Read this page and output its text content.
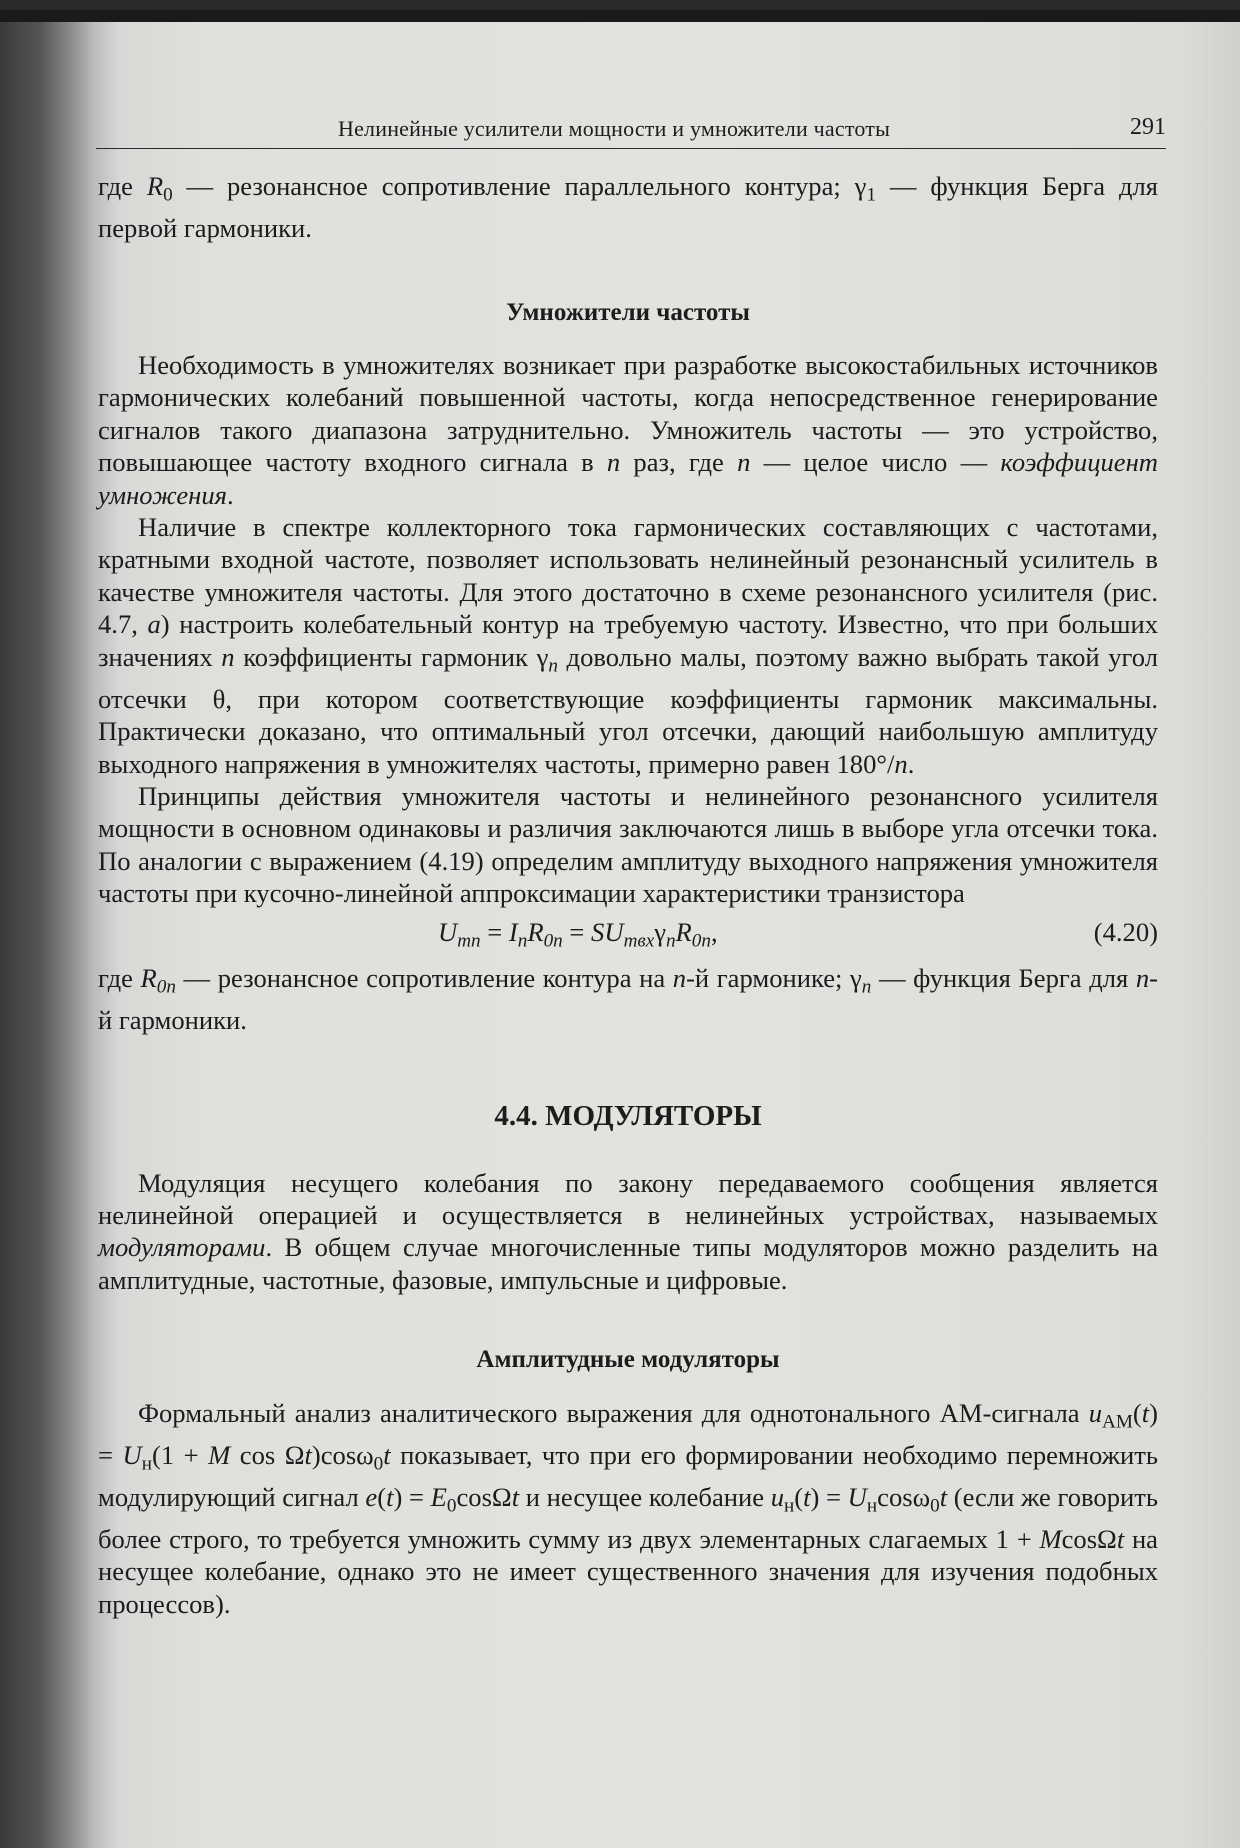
Нелинейные усилители мощности и умножители частоты	291

где $R_0$ — резонансное сопротивление параллельного контура; $\gamma_1$ — функция Берга для первой гармоники.

Умножители частоты

Необходимость в умножителях возникает при разработке высокостабильных источников гармонических колебаний повышенной частоты, когда непосредственное генерирование сигналов такого диапазона затруднительно. Умножитель частоты — это устройство, повышающее частоту входного сигнала в n раз, где n — целое число — коэффициент умножения.

Наличие в спектре коллекторного тока гармонических составляющих с частотами, кратными входной частоте, позволяет использовать нелинейный резонансный усилитель в качестве умножителя частоты. Для этого достаточно в схеме резонансного усилителя (рис. 4.7, а) настроить колебательный контур на требуемую частоту. Известно, что при больших значениях n коэффициенты гармоник $\gamma_n$ довольно малы, поэтому важно выбрать такой угол отсечки θ, при котором соответствующие коэффициенты гармоник максимальны. Практически доказано, что оптимальный угол отсечки, дающий наибольшую амплитуду выходного напряжения в умножителях частоты, примерно равен 180°/n.

Принципы действия умножителя частоты и нелинейного резонансного усилителя мощности в основном одинаковы и различия заключаются лишь в выборе угла отсечки тока. По аналогии с выражением (4.19) определим амплитуду выходного напряжения умножителя частоты при кусочно-линейной аппроксимации характеристики транзистора

$U_{mn} = I_nR_{0n} = SU_{mвх}\gamma_nR_{0n}$,	(4.20)

где $R_{0n}$ — резонансное сопротивление контура на n-й гармонике; $\gamma_n$ — функция Берга для n-й гармоники.

4.4. МОДУЛЯТОРЫ

Модуляция несущего колебания по закону передаваемого сообщения является нелинейной операцией и осуществляется в нелинейных устройствах, называемых модуляторами. В общем случае многочисленные типы модуляторов можно разделить на амплитудные, частотные, фазовые, импульсные и цифровые.

Амплитудные модуляторы

Формальный анализ аналитического выражения для однотонального АМ-сигнала $u_{AM}(t) = U_н(1 + M$ cos Ωt)cosω$_0$t показывает, что при его формировании необходимо перемножить модулирующий сигнал $e(t) = E_0\cos\Omega t$ и несущее колебание $u_н(t) = U_н\cos\omega_0t$ (если же говорить более строго, то требуется умножить сумму из двух элементарных слагаемых 1 + McosΩt на несущее колебание, однако это не имеет существенного значения для изучения подобных процессов).
